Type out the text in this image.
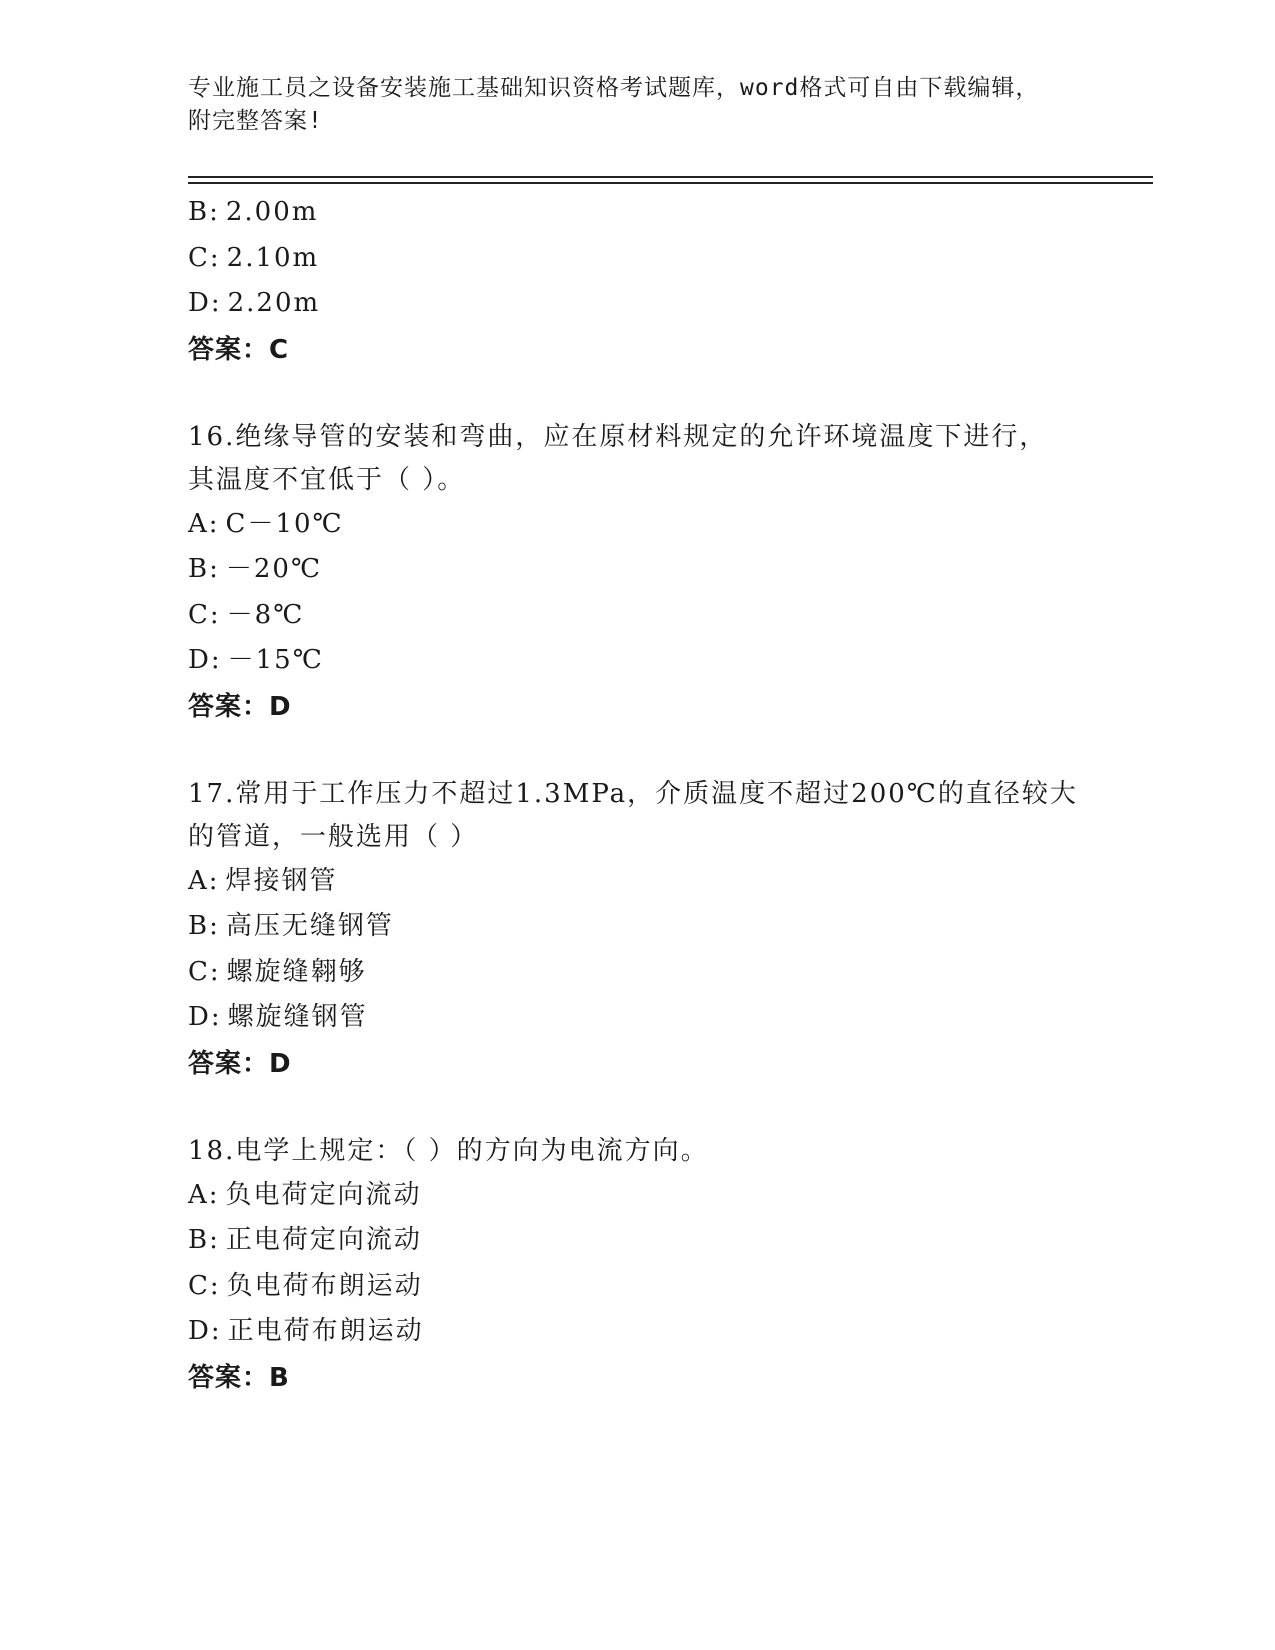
专业施工员之设备安装施工基础知识资格考试题库，word格式可自由下载编辑，
附完整答案!
B: 2.00m
C: 2.10m
D: 2.20m
答案：C
16.绝缘导管的安装和弯曲，应在原材料规定的允许环境温度下进行，
其温度不宜低于（ ）。
A: C－10℃
B: －20℃
C: －8℃
D: －15℃
答案：D
17.常用于工作压力不超过1.3MPa，介质温度不超过200℃的直径较大
的管道，一般选用（ ）
A: 焊接钢管
B: 高压无缝钢管
C: 螺旋缝翱够
D: 螺旋缝钢管
答案：D
18.电学上规定：（ ）的方向为电流方向。
A: 负电荷定向流动
B: 正电荷定向流动
C: 负电荷布朗运动
D: 正电荷布朗运动
答案：B
